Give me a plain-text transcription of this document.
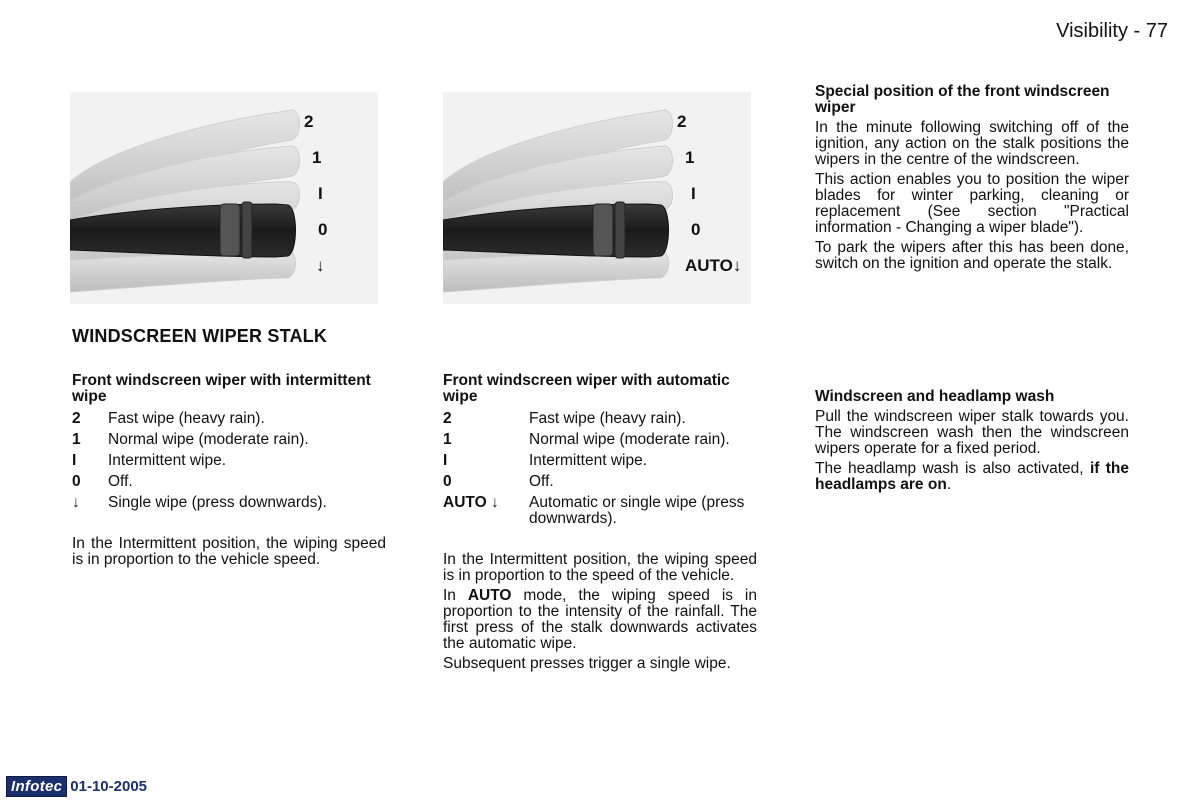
Visibility - 77
2
1
I
0
↓
2
1
I
0
AUTO↓
WINDSCREEN WIPER STALK
Front windscreen wiper with intermittent wipe
2	Fast wipe (heavy rain).
1	Normal wipe (moderate rain).
I	Intermittent wipe.
0	Off.
↓	Single wipe (press downwards).
In the Intermittent position, the wiping speed is in proportion to the vehicle speed.
Front windscreen wiper with automatic wipe
2	Fast wipe (heavy rain).
1	Normal wipe (moderate rain).
I	Intermittent wipe.
0	Off.
AUTO ↓	Automatic or single wipe (press downwards).
In the Intermittent position, the wiping speed is in proportion to the speed of the vehicle.
In AUTO mode, the wiping speed is in proportion to the intensity of the rainfall. The first press of the stalk downwards activates the automatic wipe.
Subsequent presses trigger a single wipe.
Special position of the front windscreen wiper
In the minute following switching off of the ignition, any action on the stalk positions the wipers in the centre of the windscreen.
This action enables you to position the wiper blades for winter parking, cleaning or replacement (See section "Practical information - Changing a wiper blade").
To park the wipers after this has been done, switch on the ignition and operate the stalk.
Windscreen and headlamp wash
Pull the windscreen wiper stalk towards you. The windscreen wash then the windscreen wipers operate for a fixed period.
The headlamp wash is also activated, if the headlamps are on.
Infotec 01-10-2005
